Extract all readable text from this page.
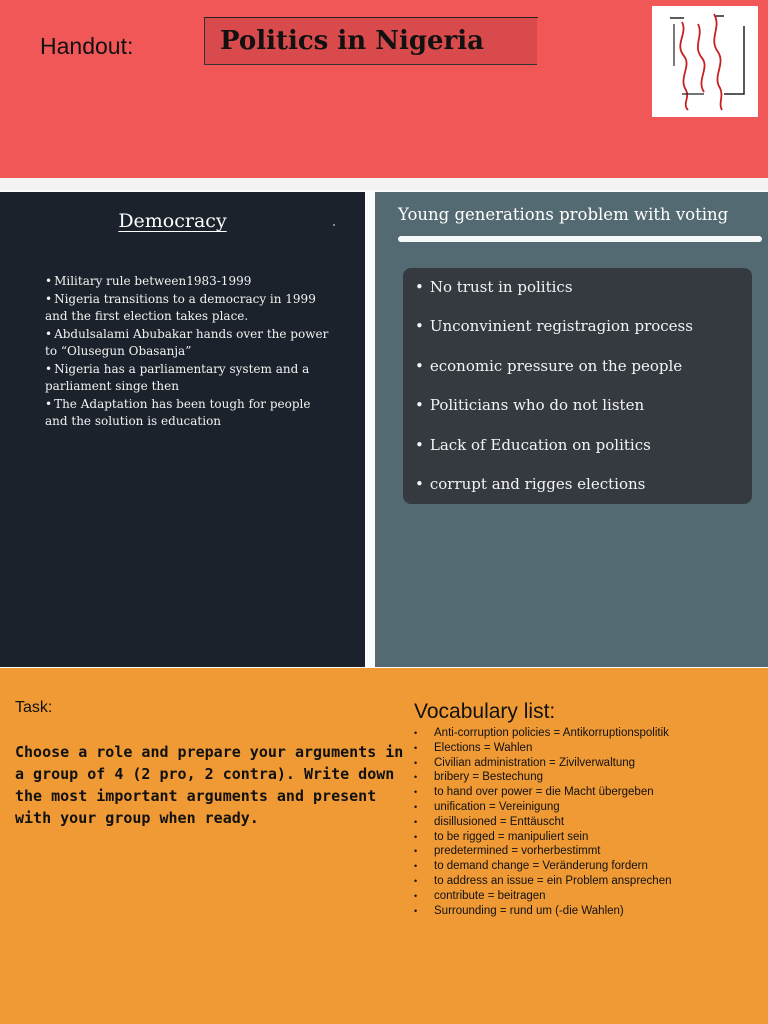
Handout:	Politics in Nigeria
Democracy
• Military rule between1983-1999
• Nigeria transitions to a democracy in 1999 and the first election takes place.
• Abdulsalami Abubakar hands over the power to “Olusegun Obasanja”
• Nigeria has a parliamentary system and a parliament singe then
• The Adaptation has been tough for people and the solution is education
Young generations problem with voting
• No trust in politics
• Unconvinient registragion process
• economic pressure on the people
• Politicians who do not listen
• Lack of Education on politics
• corrupt and rigges elections
Task:
Choose a role and prepare your arguments in a group of 4 (2 pro, 2 contra). Write down the most important arguments and present with your group when ready.
Vocabulary list:
• Anti-corruption policies = Antikorruptionspolitik
• Elections = Wahlen
• Civilian administration = Zivilverwaltung
• bribery = Bestechung
• to hand over power = die Macht übergeben
• unification = Vereinigung
• disillusioned = Enttäuscht
• to be rigged = manipuliert sein
• predetermined = vorherbestimmt
• to demand change = Veränderung fordern
• to address an issue = ein Problem ansprechen
• contribute = beitragen
• Surrounding = rund um (-die Wahlen)
